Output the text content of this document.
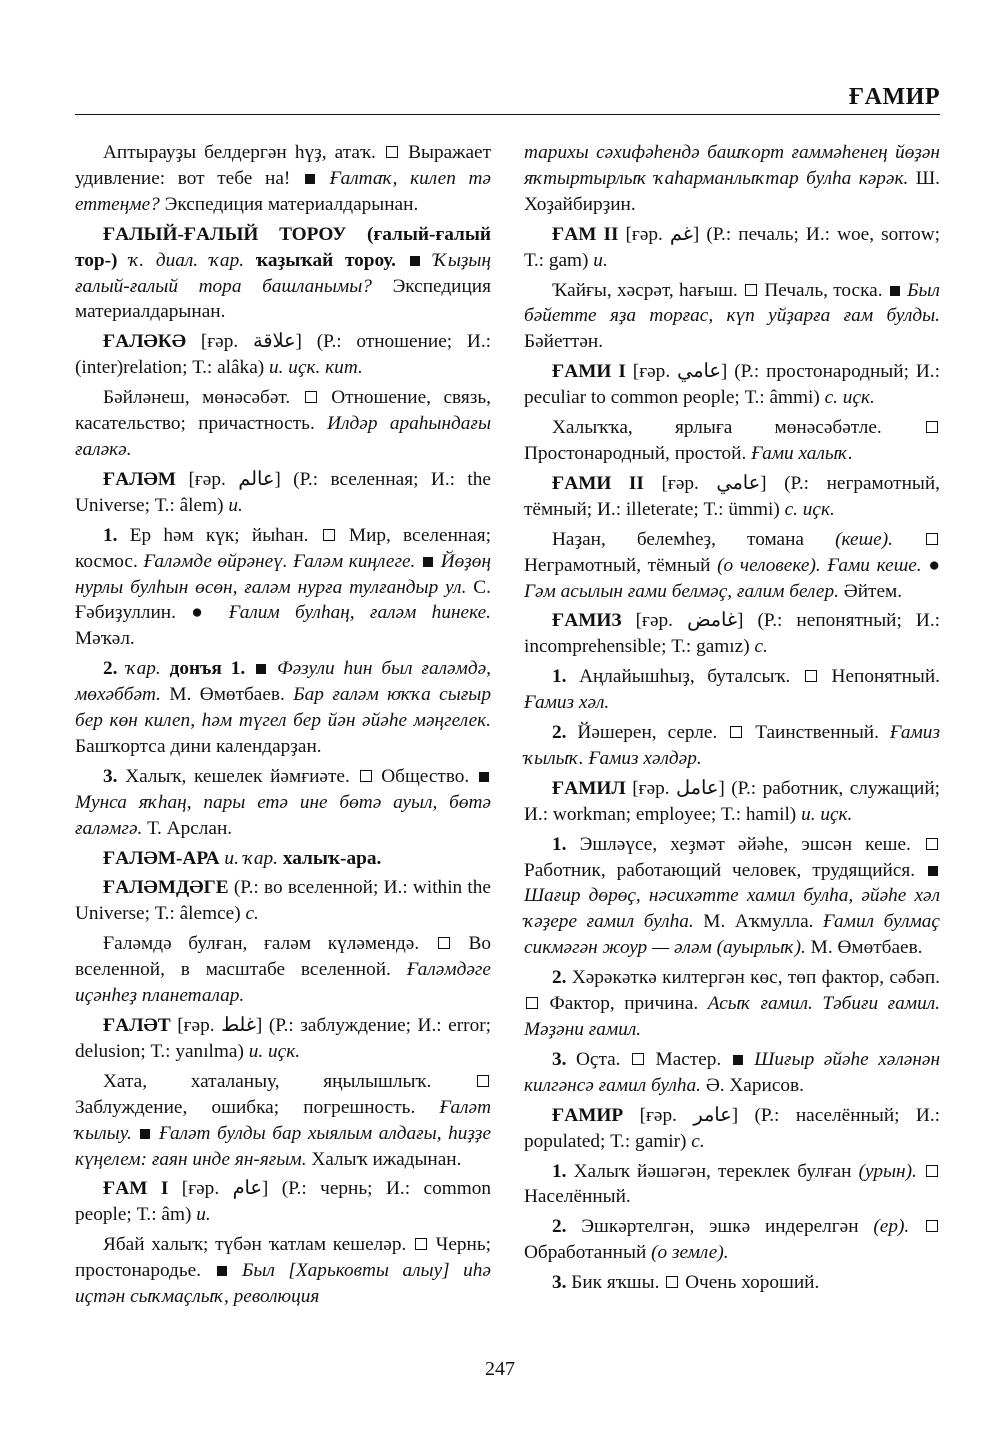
ҒАМИР

Аптырауҙы белдергән һүҙ, атаҡ. Выражает удивление: вот тебе на! Ғалтаҡ, килеп тә еттеңме? Экспедиция материалдарынан.

ҒАЛЫЙ-ҒАЛЫЙ ТОРОУ (ғалый-ғалый тор-) ҡ. диал. ҡар. ҡаҙыҡай тороу. Ҡыҙың ғалый-ғалый тора башланымы? Экспедиция материалдарынан.

ҒАЛӘКӘ [ғәр. علاقة] (Р.: отношение; И.: (inter)relation; Т.: alâka) и. иҫк. кит.

Бәйләнеш, мөнәсәбәт. Отношение, связь, касательство; причастность. Илдәр араһындағы ғаләкә.

ҒАЛӘМ [ғәр. عالم] (Р.: вселенная; И.: the Universe; Т.: âlem) и.

1. Ер һәм күк; йыһан. Мир, вселенная; космос. Ғаләмде өйрәнеү. Ғаләм киңлеге. Йөҙөң нурлы булһын өсөн, ғаләм нурға тулғандыр ул. С. Ғәбиҙуллин. ● Ғалим булһаң, ғаләм һинеке. Мәҡәл.

2. ҡар. донъя 1. Фәзули һин был ғаләмдә, мөхәббәт. М. Өмөтбаев. Бар ғаләм юҡҡа сығыр бер көн килеп, һәм түгел бер йән әйәһе мәңгелек. Башҡортса дини календарҙан.

3. Халыҡ, кешелек йәмғиәте. Общество.  Мунса яҡһаң, пары етә ине бөтә ауыл, бөтә ғаләмгә. Т. Арслан.

ҒАЛӘМ-АРА и. ҡар. халыҡ-ара.

ҒАЛӘМДӘГЕ (Р.: во вселенной; И.: within the Universe; Т.: âlemce) с.

Ғаләмдә булған, ғаләм күләмендә.	Во вселенной, в масштабе вселенной. Ғаләмдәге иҫәнһеҙ планеталар.

ҒАЛӘТ [ғәр. غلط] (Р.: заблуждение; И.: error; delusion; Т.: yanılma) и. иҫк.

Хата, хаталаныу, яңылышлыҡ.  Заблуждение, ошибка; погрешность. Ғаләт ҡылыу. Ғаләт булды бар хыялым алдағы, һиҙҙе күңелем: ғаян инде ян-яғым. Халыҡ ижадынан.

ҒАМ I [ғәр. عام] (Р.: чернь; И.: common people; Т.: âm) и.

Ябай халыҡ; түбән ҡатлам кешеләр. Чернь; простонародье. Был [Харьковты алыу] иһә иҫтән сыҡмаҫлыҡ, революция

тарихы сәхифәһендә башҡорт ғаммәһенең йөҙән яҡтыртырлыҡ ҡаһарманлыҡтар булһа кәрәк. Ш. Хоҙайбирҙин.

ҒАМ II [ғәр. غم] (Р.: печаль; И.: woe, sorrow; Т.: gam) и.

Ҡайғы, хәсрәт, һағыш. Печаль, тоска. Был бәйетте яҙа торғас, күп уйҙарға ғам булды. Бәйеттән.

ҒАМИ I [ғәр. عامي] (Р.: простонародный; И.: peculiar to common people; Т.: âmmi) с. иҫк.

Халыҡҡа, ярлыға мөнәсәбәтле.  Простонародный, простой. Ғами халыҡ.

ҒАМИ II [ғәр. عامي] (Р.: неграмотный, тёмный; И.: illeterate; Т.: ümmi) с. иҫк.

Наҙан, белемһеҙ, томана (кеше).  Неграмотный, тёмный (о человеке). Ғами кеше. ● Гәм асылын ғами белмәҫ, ғалим белер. Әйтем.

ҒАМИЗ [ғәр. غامض] (Р.: непонятный; И.: incomprehensible; Т.: gamız) с.

1. Аңлайышһыҙ, буталсыҡ. Непонятный. Ғамиз хәл.

2. Йәшерен, серле. Таинственный. Ғамиз ҡылыҡ. Ғамиз хәлдәр.

ҒАМИЛ [ғәр. عامل] (Р.: работник, служащий; И.: workman; employee; Т.: hamil) и. иҫк.

1. Эшләүсе, хеҙмәт әйәһе, эшсән кеше.  Работник, работающий человек, трудящийся.  Шағир дөрөҫ, нәсихәтте хамил булһа, әйәһе хәл ҡәҙере ғамил булһа. М. Аҡмулла. Ғамил булмаҫ сикмәгән жоур — әләм (ауырлыҡ). М. Өмөтбаев.

2. Хәрәкәткә килтергән көс, төп фактор, сәбәп.  Фактор, причина. Асыҡ ғамил. Тәбиғи ғамил. Мәҙәни ғамил.

3. Оҫта. Мастер. Шиғыр әйәһе хәләнән килгәнсә ғамил булһа. Ә. Харисов.

ҒАМИР [ғәр. عامر] (Р.: населённый; И.: populated; Т.: gamir) с.

1. Халыҡ йәшәгән, тереклек булған (урын).  Населённый.

2. Эшкәртелгән, эшкә индерелгән (ер).  Обработанный (о земле).

3. Бик яҡшы. Очень хороший.

247
